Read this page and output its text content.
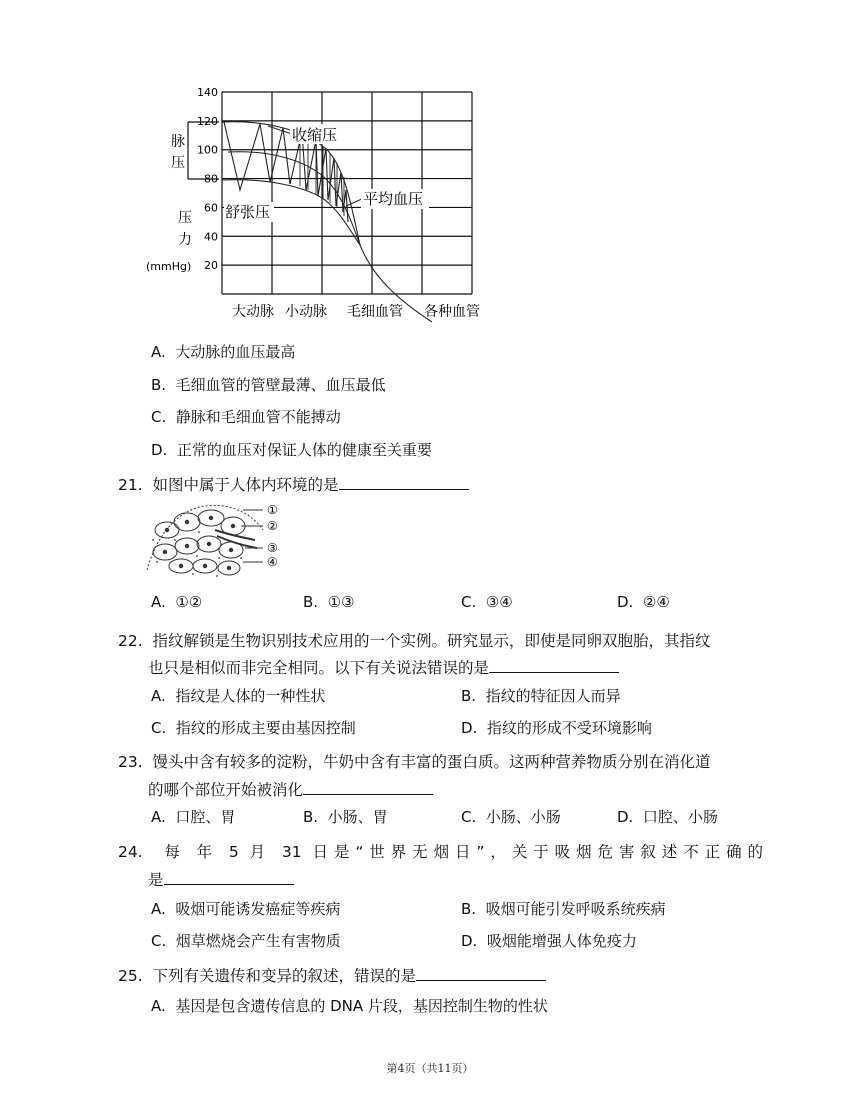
140
120
100
80
60
40
20
大动脉 小动脉 毛细血管 各种血管
脉
压
压
力
(mmHg)
收缩压
舒张压
平均血压
A. 大动脉的血压最高
B. 毛细血管的管壁最薄、血压最低
C. 静脉和毛细血管不能搏动
D. 正常的血压对保证人体的健康至关重要
21. 如图中属于人体内环境的是
①
②
③
④
A. ①②	B. ①③	C. ③④	D. ②④
22. 指纹解锁是生物识别技术应用的一个实例。研究显示，即使是同卵双胞胎，其指纹
也只是相似而非完全相同。以下有关说法错误的是
A. 指纹是人体的一种性状	B. 指纹的特征因人而异
C. 指纹的形成主要由基因控制	D. 指纹的形成不受环境影响
23. 馒头中含有较多的淀粉，牛奶中含有丰富的蛋白质。这两种营养物质分别在消化道
的哪个部位开始被消化
A. 口腔、胃	B. 小肠、胃	C. 小肠、小肠	D. 口腔、小肠
24. 每 年 5 月 31 日是“世界无烟日”，关于吸烟危害叙述不正确的
是
A. 吸烟可能诱发癌症等疾病	B. 吸烟可能引发呼吸系统疾病
C. 烟草燃烧会产生有害物质	D. 吸烟能增强人体免疫力
25. 下列有关遗传和变异的叙述，错误的是
A. 基因是包含遗传信息的 DNA 片段，基因控制生物的性状
第4页（共11页）
